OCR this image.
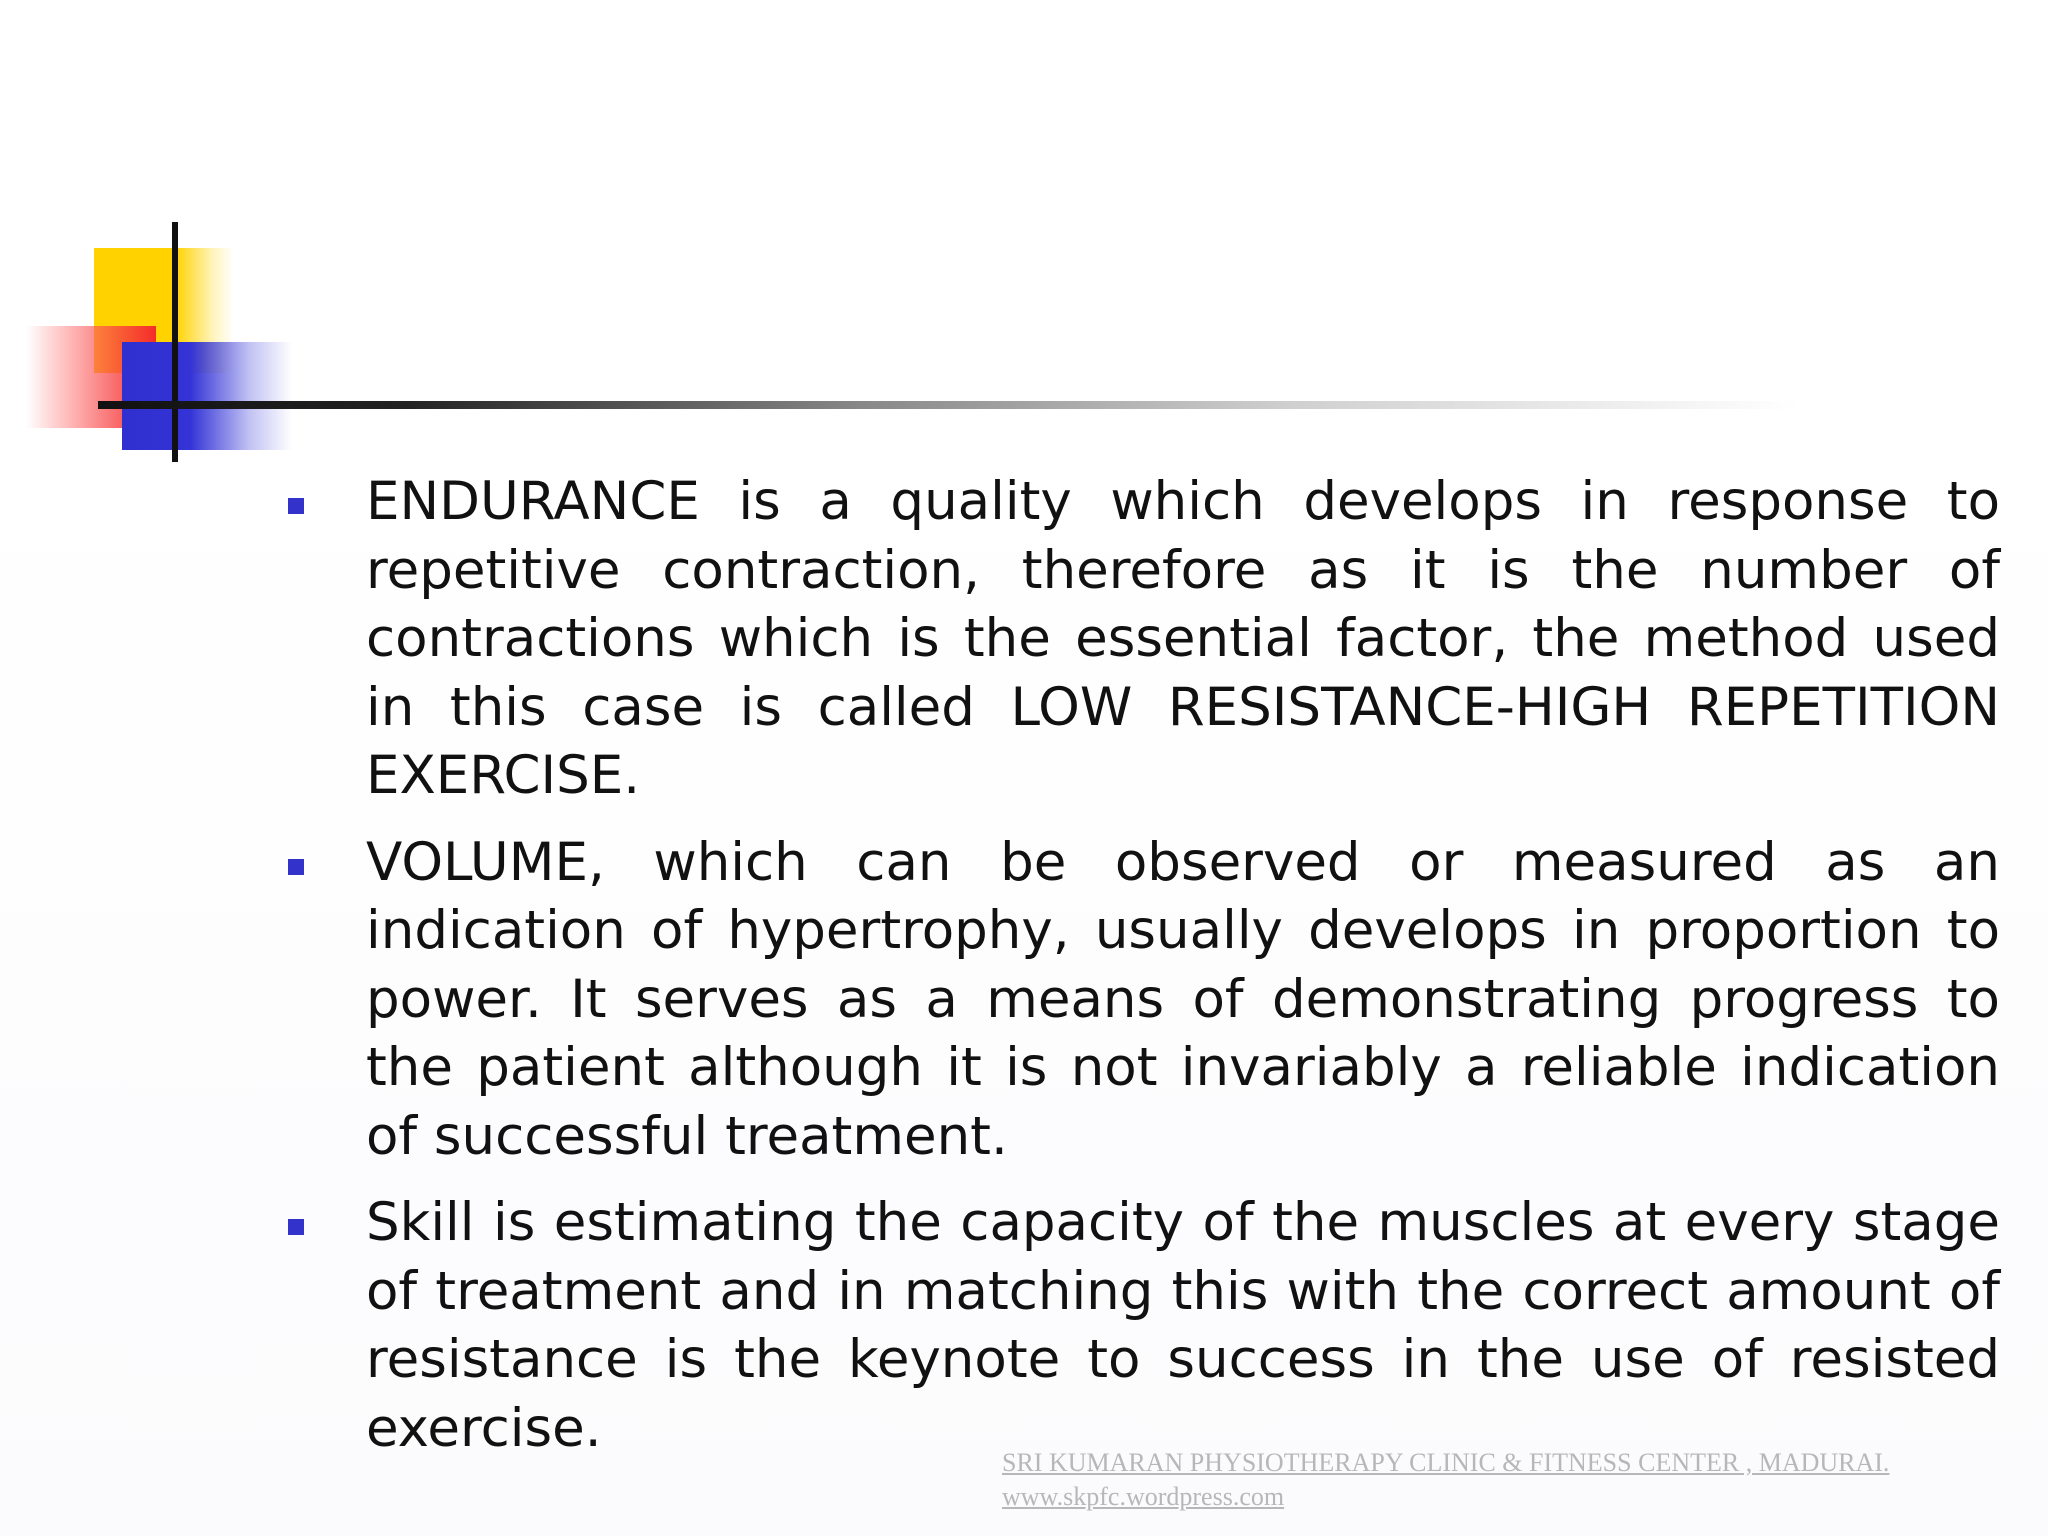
ENDURANCE is a quality which develops in response to repetitive contraction, therefore as it is the number of contractions which is the essential factor, the method used in this case is called LOW RESISTANCE-HIGH REPETITION EXERCISE.
VOLUME, which can be observed or measured as an indication of hypertrophy, usually develops in proportion to power. It serves as a means of demonstrating progress to the patient although it is not invariably a reliable indication of successful treatment.
Skill is estimating the capacity of the muscles at every stage of treatment and in matching this with the correct amount of resistance is the keynote to success in the use of resisted exercise.
SRI KUMARAN PHYSIOTHERAPY CLINIC & FITNESS CENTER , MADURAI.
www.skpfc.wordpress.com
